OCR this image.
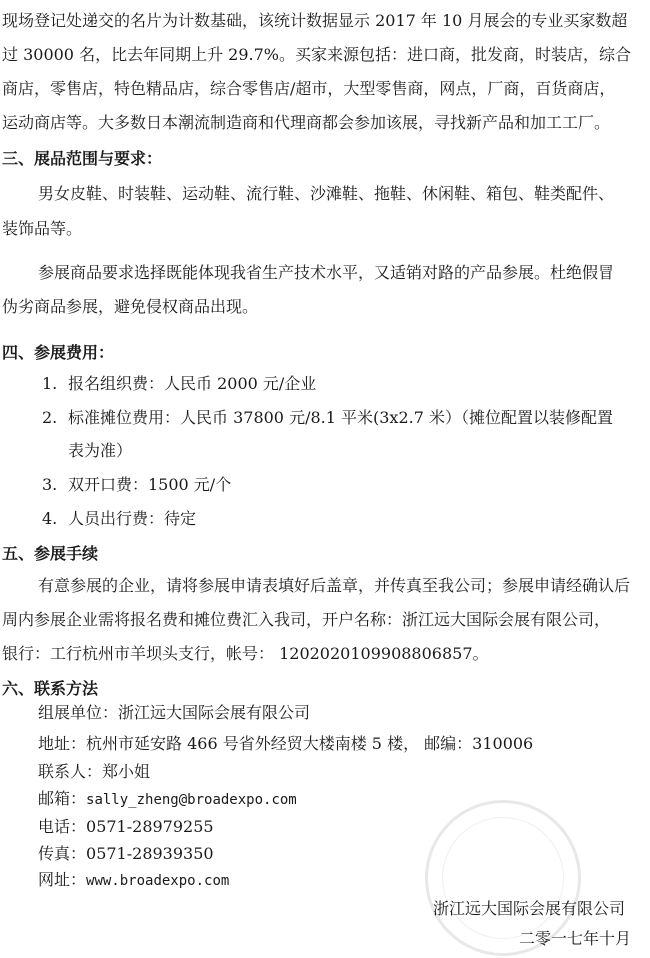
现场登记处递交的名片为计数基础，该统计数据显示 2017 年 10 月展会的专业买家数超
过 30000 名，比去年同期上升 29.7%。买家来源包括：进口商，批发商，时装店，综合
商店，零售店，特色精品店，综合零售店/超市，大型零售商，网点，厂商，百货商店，
运动商店等。大多数日本潮流制造商和代理商都会参加该展，寻找新产品和加工工厂。
三、展品范围与要求：
男女皮鞋、时装鞋、运动鞋、流行鞋、沙滩鞋、拖鞋、休闲鞋、箱包、鞋类配件、
装饰品等。
参展商品要求选择既能体现我省生产技术水平，又适销对路的产品参展。杜绝假冒
伪劣商品参展，避免侵权商品出现。
四、参展费用：
1. 报名组织费：人民币 2000 元/企业
2. 标准摊位费用：人民币 37800 元/8.1 平米(3x2.7 米）（摊位配置以装修配置
表为准）
3. 双开口费：1500 元/个
4. 人员出行费：待定
五、参展手续
有意参展的企业，请将参展申请表填好后盖章，并传真至我公司；参展申请经确认后
周内参展企业需将报名费和摊位费汇入我司，开户名称：浙江远大国际会展有限公司，
银行：工行杭州市羊坝头支行，帐号： 1202020109908806857。
六、联系方法
组展单位：浙江远大国际会展有限公司
地址：杭州市延安路 466 号省外经贸大楼南楼 5 楼， 邮编：310006
联系人：郑小姐
邮箱：sally_zheng@broadexpo.com
电话：0571-28979255
传真：0571-28939350
网址：www.broadexpo.com
浙江远大国际会展有限公司
二零一七年十月
